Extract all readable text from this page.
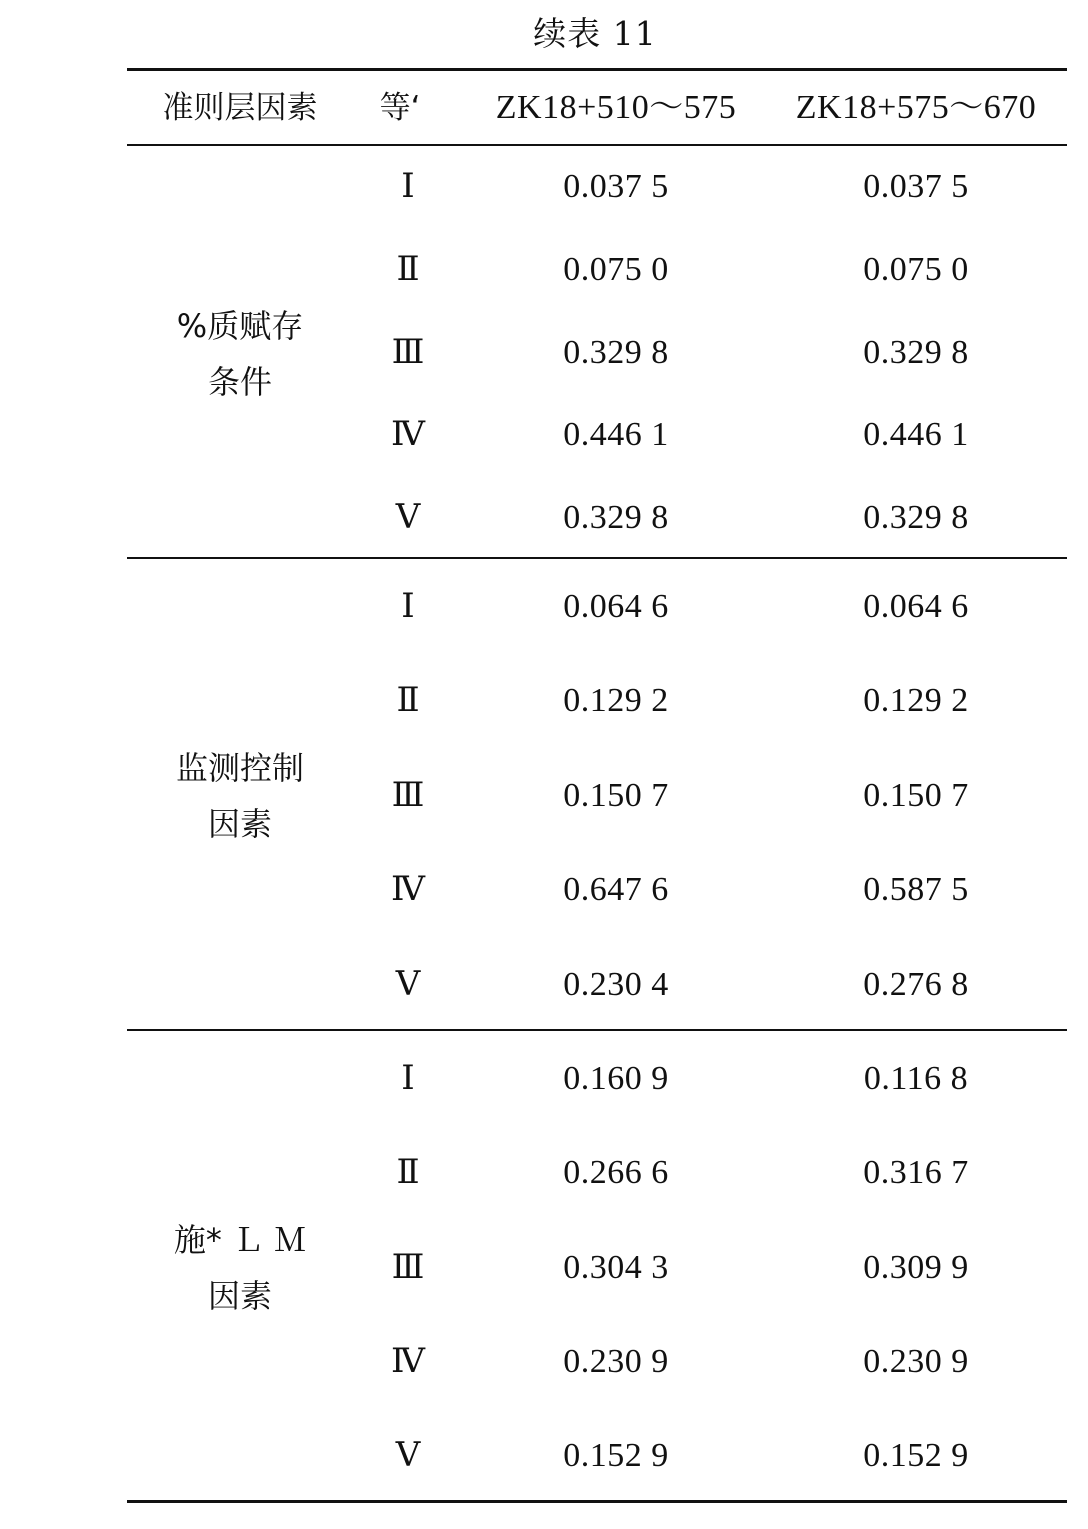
续表 11
准则层因素 等‘ ZK18+510～575 ZK18+575～670
%质赋存
条件
Ⅰ	0.037 5	0.037 5
Ⅱ	0.075 0	0.075 0
Ⅲ	0.329 8	0.329 8
Ⅳ	0.446 1	0.446 1
Ⅴ	0.329 8	0.329 8
监测控制
因素
Ⅰ	0.064 6	0.064 6
Ⅱ	0.129 2	0.129 2
Ⅲ	0.150 7	0.150 7
Ⅳ	0.647 6	0.587 5
Ⅴ	0.230 4	0.276 8
施* Ｌ Ｍ
因素
Ⅰ	0.160 9	0.116 8
Ⅱ	0.266 6	0.316 7
Ⅲ	0.304 3	0.309 9
Ⅳ	0.230 9	0.230 9
Ⅴ	0.152 9	0.152 9
